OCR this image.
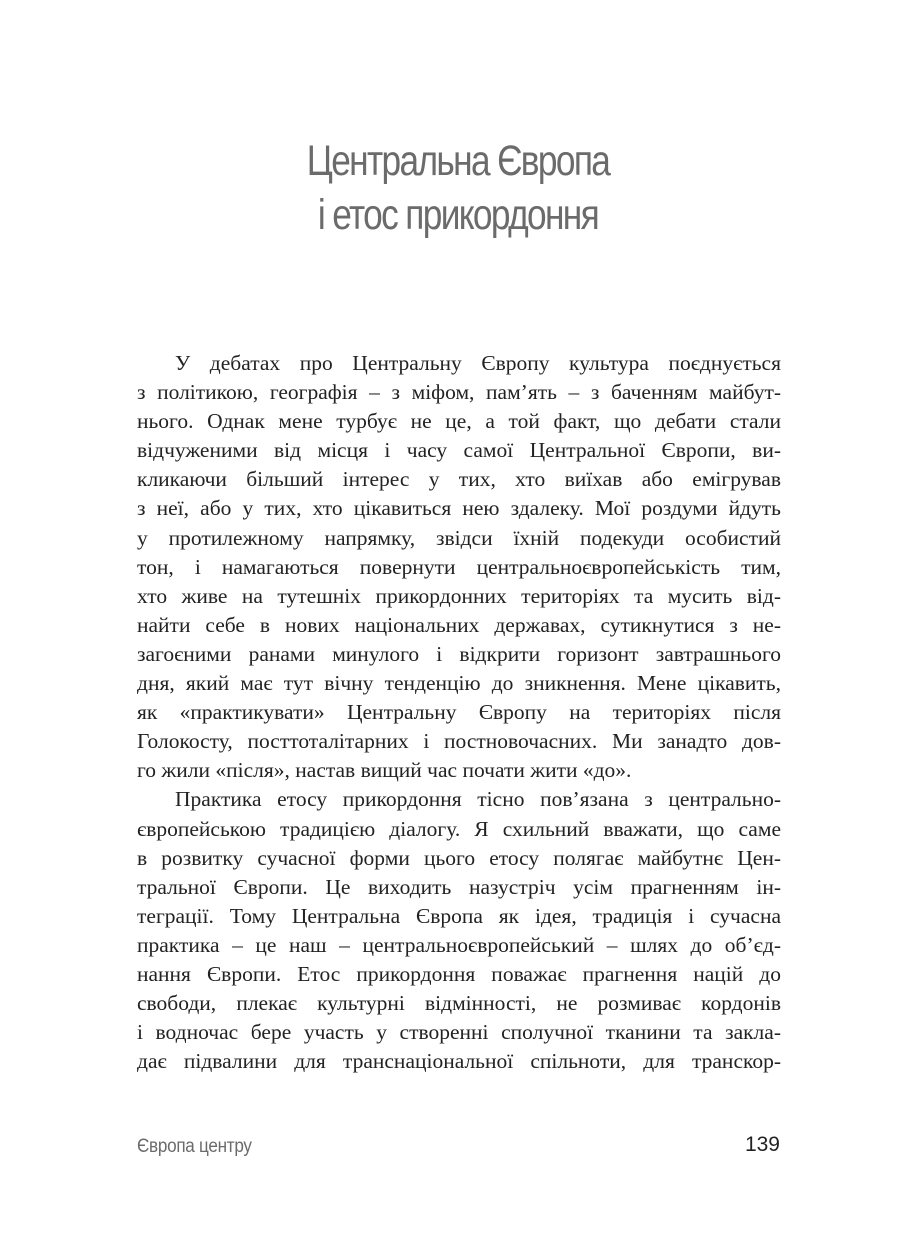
Центральна Європа
і етос прикордоння
У дебатах про Центральну Європу культура поєднується
з політикою, географія – з міфом, пам’ять – з баченням майбут-
нього. Однак мене турбує не це, а той факт, що дебати стали
відчуженими від місця і часу самої Центральної Європи, ви-
кликаючи більший інтерес у тих, хто виїхав або емігрував
з неї, або у тих, хто цікавиться нею здалеку. Мої роздуми йдуть
у протилежному напрямку, звідси їхній подекуди особистий
тон, і намагаються повернути центральноєвропейськість тим,
хто живе на тутешніх прикордонних територіях та мусить від-
найти себе в нових національних державах, сутикнутися з не-
загоєними ранами минулого і відкрити горизонт завтрашнього
дня, який має тут вічну тенденцію до зникнення. Мене цікавить,
як «практикувати» Центральну Європу на територіях після
Голокосту, посттоталітарних і постновочасних. Ми занадто дов-
го жили «після», настав вищий час почати жити «до».
Практика етосу прикордоння тісно пов’язана з центрально-
європейською традицією діалогу. Я схильний вважати, що саме
в розвитку сучасної форми цього етосу полягає майбутнє Цен-
тральної Європи. Це виходить назустріч усім прагненням ін-
теграції. Тому Центральна Європа як ідея, традиція і сучасна
практика – це наш – центральноєвропейський – шлях до об’єд-
нання Європи. Етос прикордоння поважає прагнення націй до
свободи, плекає культурні відмінності, не розмиває кордонів
і водночас бере участь у створенні сполучної тканини та закла-
дає підвалини для транснаціональної спільноти, для транскор-
Європа центру	139
